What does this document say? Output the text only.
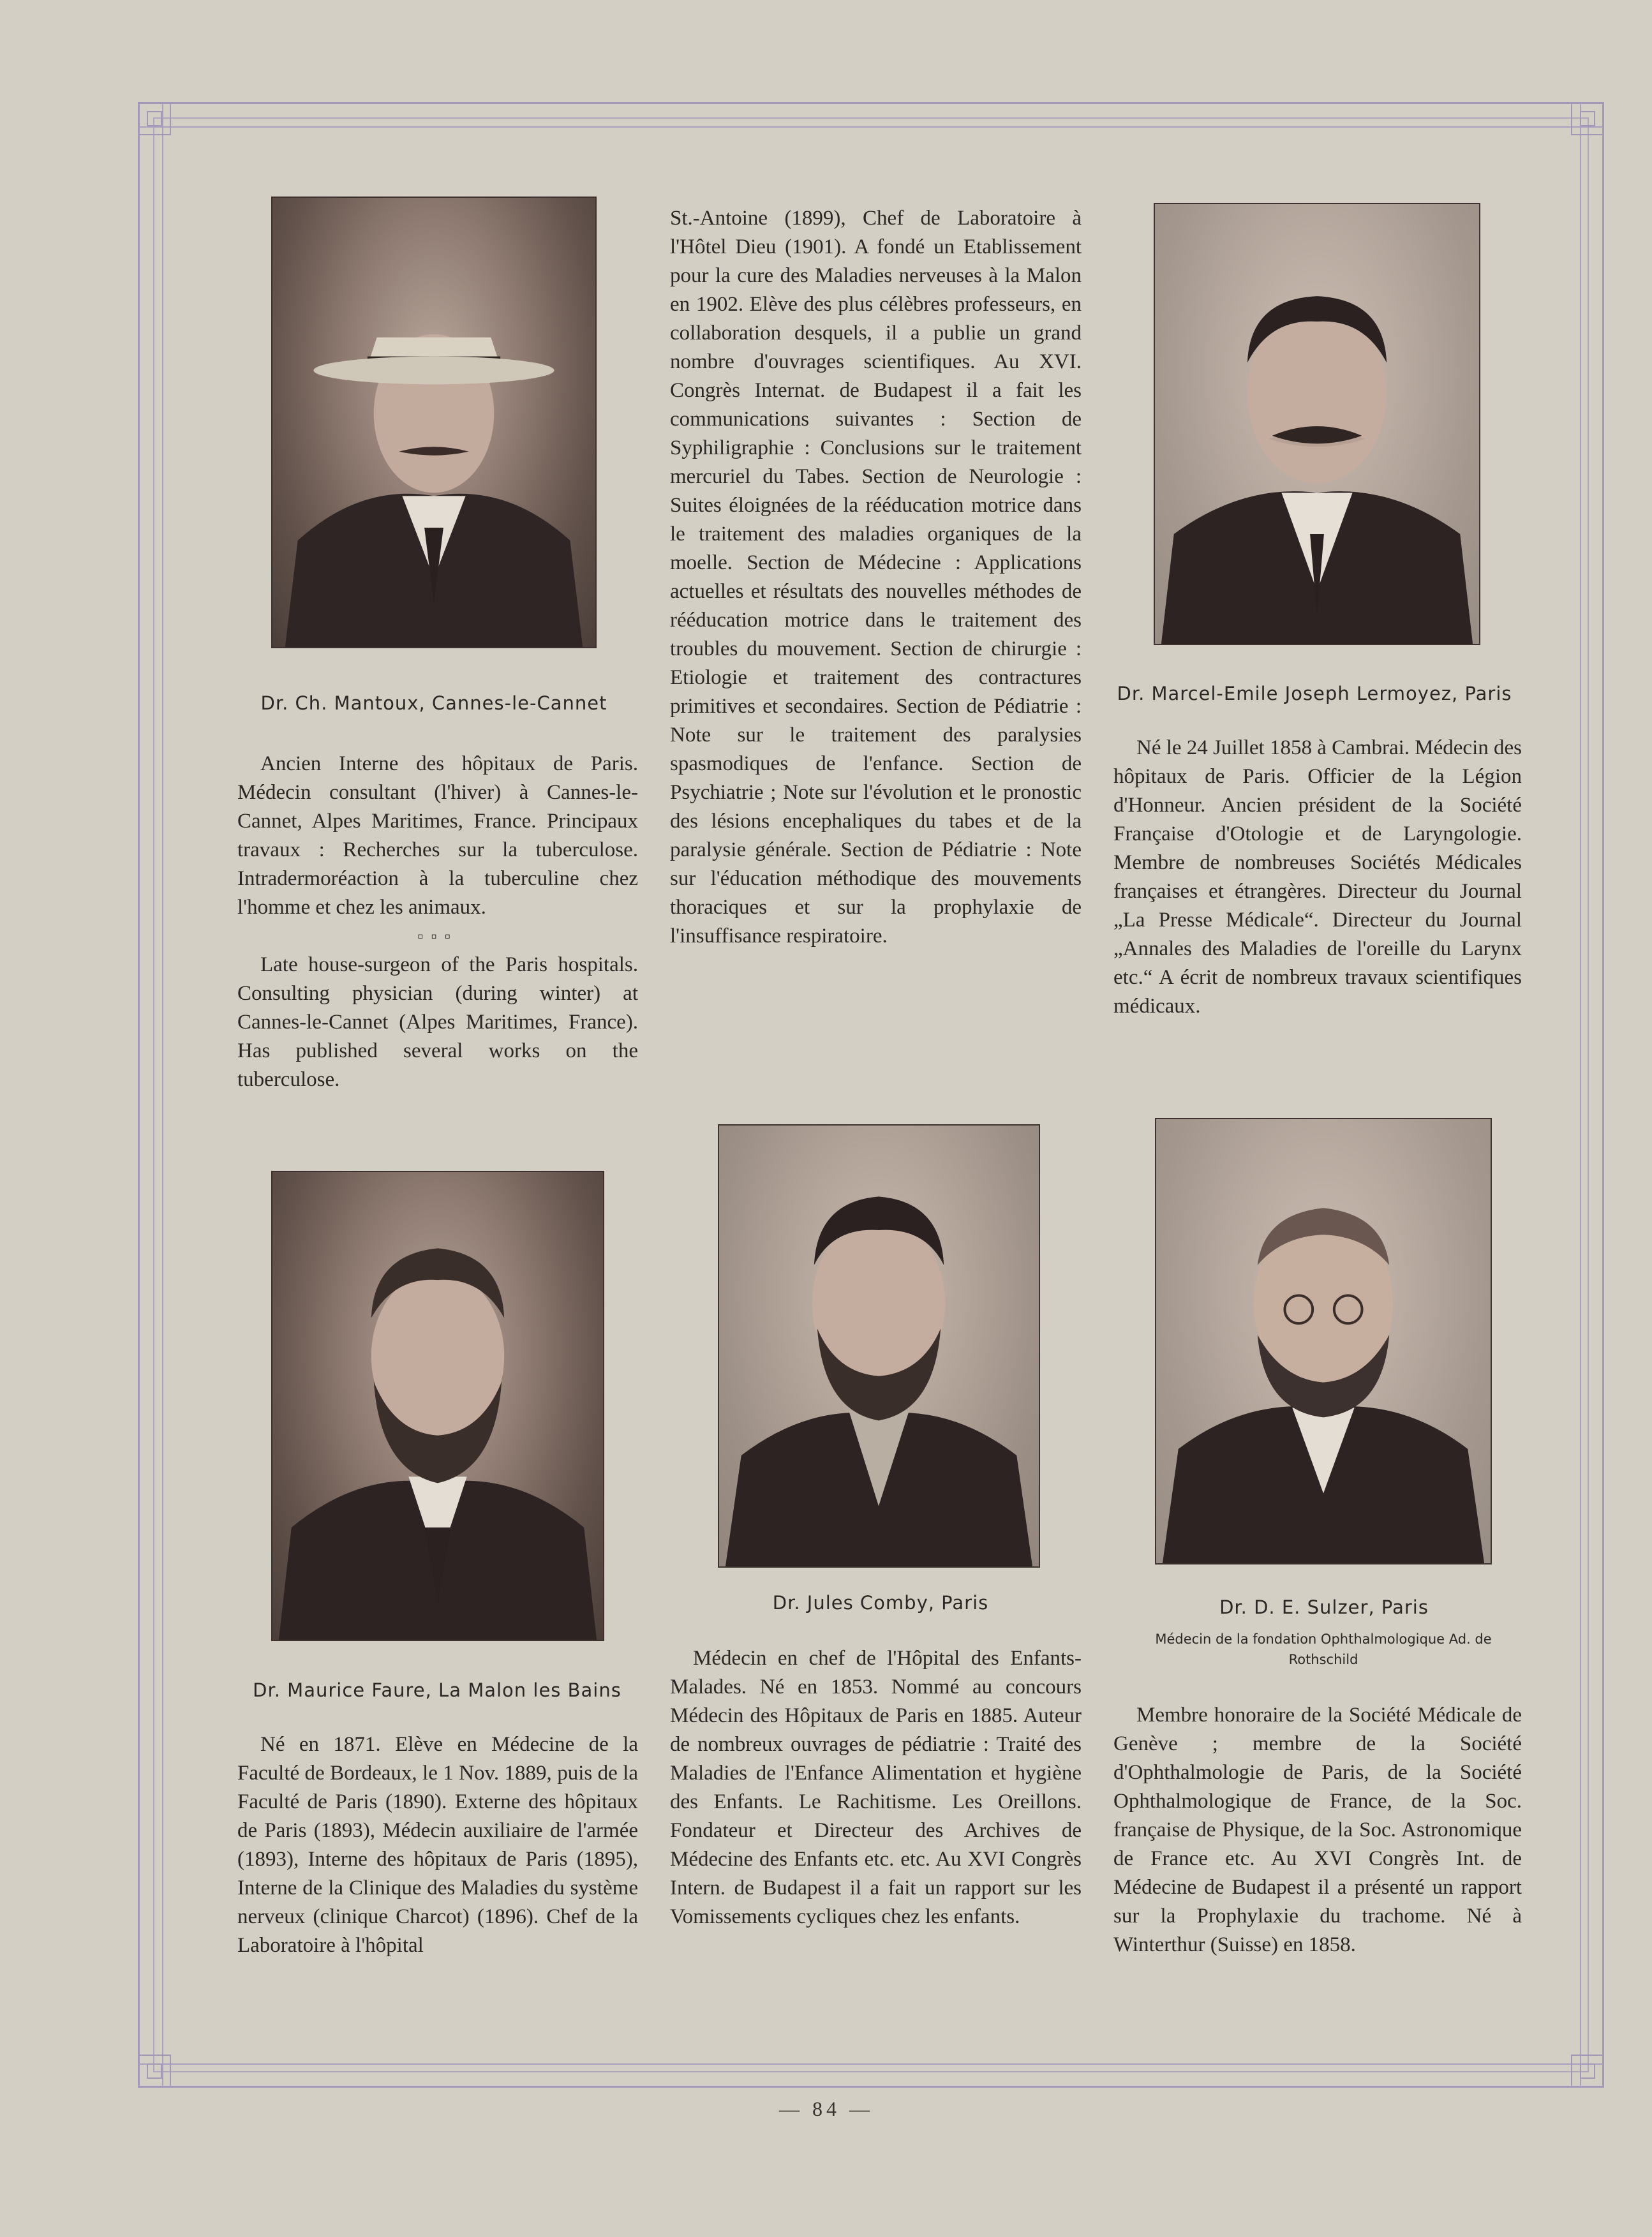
Dr. Ch. Mantoux, Cannes-le-Cannet

Ancien Interne des hôpitaux de Paris. Médecin consultant (l'hiver) à Cannes-le-Cannet, Alpes Maritimes, France. Principaux travaux : Recherches sur la tuberculose. Intradermoréaction à la tuberculine chez l'homme et chez les animaux.

▫▫▫

Late house-surgeon of the Paris hospitals. Consulting physician (during winter) at Cannes-le-Cannet (Alpes Maritimes, France). Has published several works on the tuberculose.

St.-Antoine (1899), Chef de Laboratoire à l'Hôtel Dieu (1901). A fondé un Etablissement pour la cure des Maladies nerveuses à la Malon en 1902. Elève des plus célèbres professeurs, en collaboration desquels, il a publie un grand nombre d'ouvrages scientifiques. Au XVI. Congrès Internat. de Budapest il a fait les communications suivantes : Section de Syphiligraphie : Conclusions sur le traitement mercuriel du Tabes. Section de Neurologie : Suites éloignées de la rééducation motrice dans le traitement des maladies organiques de la moelle. Section de Médecine : Applications actuelles et résultats des nouvelles méthodes de rééducation motrice dans le traitement des troubles du mouvement. Section de chirurgie : Etiologie et traitement des contractures primitives et secondaires. Section de Pédiatrie : Note sur le traitement des paralysies spasmodiques de l'enfance. Section de Psychiatrie ; Note sur l'évolution et le pronostic des lésions encephaliques du tabes et de la paralysie générale. Section de Pédiatrie : Note sur l'éducation méthodique des mouvements thoraciques et sur la prophylaxie de l'insuffisance respiratoire.
Dr. Marcel-Emile Joseph Lermoyez, Paris
Né le 24 Juillet 1858 à Cambrai. Médecin des hôpitaux de Paris. Officier de la Légion d'Honneur. Ancien président de la Société Française d'Otologie et de Laryngologie. Membre de nombreuses Sociétés Médicales françaises et étrangères. Directeur du Journal „La Presse Médicale“. Directeur du Journal „Annales des Maladies de l'oreille du Larynx etc.“ A écrit de nombreux travaux scientifiques médicaux.
Dr. Maurice Faure, La Malon les Bains
Né en 1871. Elève en Médecine de la Faculté de Bordeaux, le 1 Nov. 1889, puis de la Faculté de Paris (1890). Externe des hôpitaux de Paris (1893), Médecin auxiliaire de l'armée (1893), Interne des hôpitaux de Paris (1895), Interne de la Clinique des Maladies du système nerveux (clinique Charcot) (1896). Chef de la Laboratoire à l'hôpital
Dr. Jules Comby, Paris
Médecin en chef de l'Hôpital des Enfants-Malades. Né en 1853. Nommé au concours Médecin des Hôpitaux de Paris en 1885. Auteur de nombreux ouvrages de pédiatrie : Traité des Maladies de l'Enfance Alimentation et hygiène des Enfants. Le Rachitisme. Les Oreillons. Fondateur et Directeur des Archives de Médecine des Enfants etc. etc. Au XVI Congrès Intern. de Budapest il a fait un rapport sur les Vomissements cycliques chez les enfants.
Dr. D. E. Sulzer, Paris
Médecin de la fondation Ophthalmologique Ad. de Rothschild
Membre honoraire de la Société Médicale de Genève ; membre de la Société d'Ophthalmologie de Paris, de la Société Ophthalmologique de France, de la Soc. française de Physique, de la Soc. Astronomique de France etc. Au XVI Congrès Int. de Médecine de Budapest il a présenté un rapport sur la Prophylaxie du trachome. Né à Winterthur (Suisse) en 1858.
— 84 —
